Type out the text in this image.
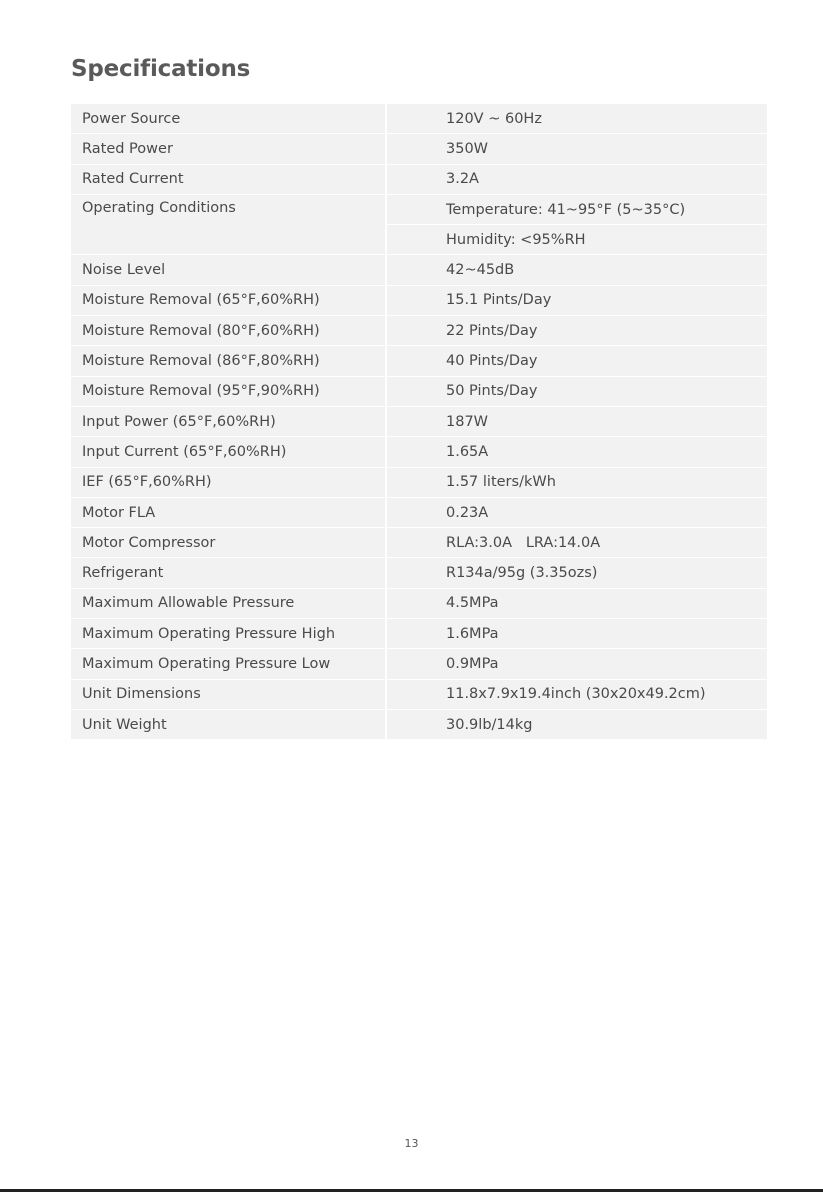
Specifications
Power Source	120V ~ 60Hz
Rated Power	350W
Rated Current	3.2A
Operating Conditions	Temperature: 41~95°F (5~35°C)
	Humidity: <95%RH
Noise Level	42~45dB
Moisture Removal (65°F,60%RH)	15.1 Pints/Day
Moisture Removal (80°F,60%RH)	22 Pints/Day
Moisture Removal (86°F,80%RH)	40 Pints/Day
Moisture Removal (95°F,90%RH)	50 Pints/Day
Input Power (65°F,60%RH)	187W
Input Current (65°F,60%RH)	1.65A
IEF (65°F,60%RH)	1.57 liters/kWh
Motor FLA	0.23A
Motor Compressor	RLA:3.0A   LRA:14.0A
Refrigerant	R134a/95g (3.35ozs)
Maximum Allowable Pressure	4.5MPa
Maximum Operating Pressure High	1.6MPa
Maximum Operating Pressure Low	0.9MPa
Unit Dimensions	11.8x7.9x19.4inch (30x20x49.2cm)
Unit Weight	30.9lb/14kg
13
